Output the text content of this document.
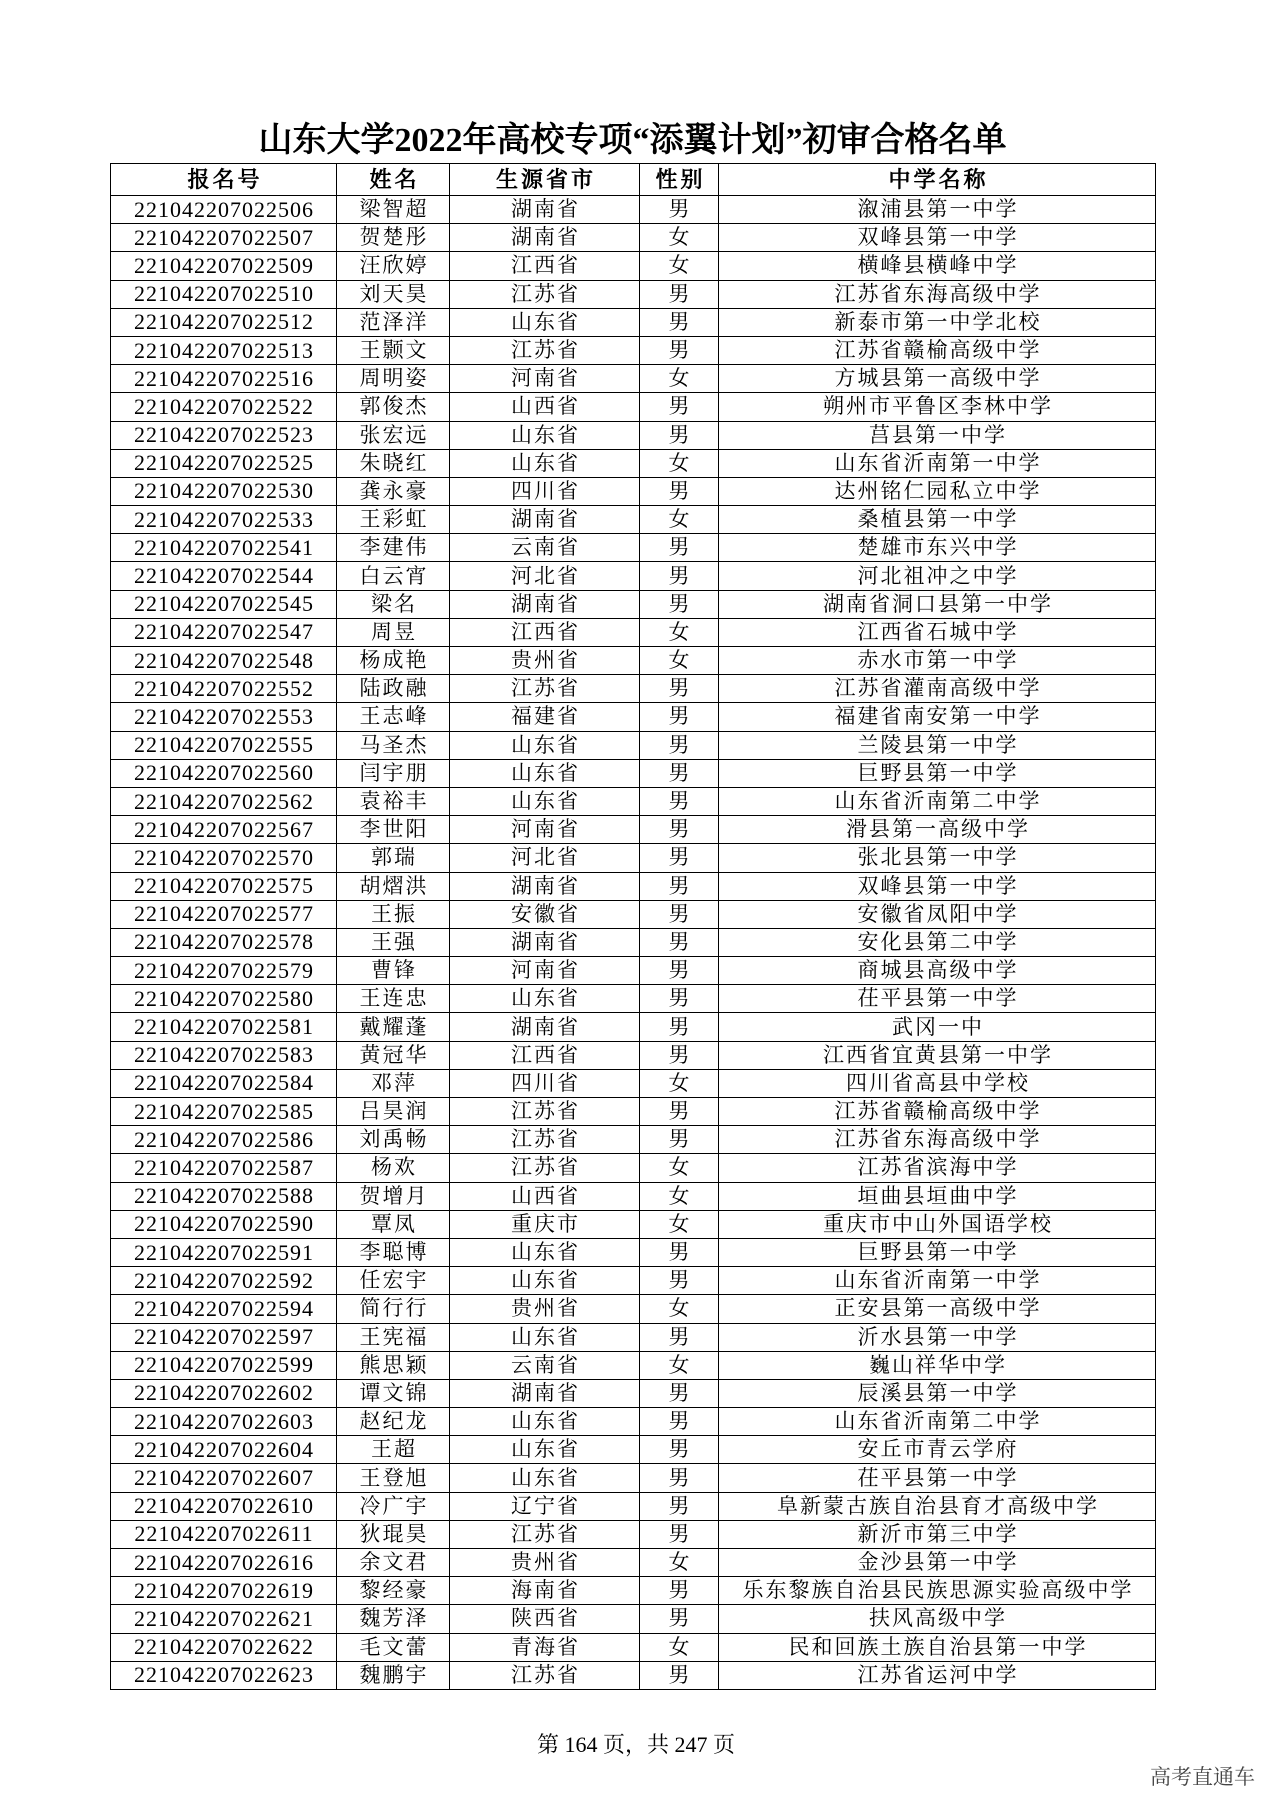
山东大学2022年高校专项“添翼计划”初审合格名单
报名号	姓名	生源省市	性别	中学名称
221042207022506	梁智超	湖南省	男	溆浦县第一中学
221042207022507	贺楚彤	湖南省	女	双峰县第一中学
221042207022509	汪欣婷	江西省	女	横峰县横峰中学
221042207022510	刘天昊	江苏省	男	江苏省东海高级中学
221042207022512	范泽洋	山东省	男	新泰市第一中学北校
221042207022513	王颢文	江苏省	男	江苏省赣榆高级中学
221042207022516	周明姿	河南省	女	方城县第一高级中学
221042207022522	郭俊杰	山西省	男	朔州市平鲁区李林中学
221042207022523	张宏远	山东省	男	莒县第一中学
221042207022525	朱晓红	山东省	女	山东省沂南第一中学
221042207022530	龚永豪	四川省	男	达州铭仁园私立中学
221042207022533	王彩虹	湖南省	女	桑植县第一中学
221042207022541	李建伟	云南省	男	楚雄市东兴中学
221042207022544	白云宵	河北省	男	河北祖冲之中学
221042207022545	梁名	湖南省	男	湖南省洞口县第一中学
221042207022547	周昱	江西省	女	江西省石城中学
221042207022548	杨成艳	贵州省	女	赤水市第一中学
221042207022552	陆政融	江苏省	男	江苏省灌南高级中学
221042207022553	王志峰	福建省	男	福建省南安第一中学
221042207022555	马圣杰	山东省	男	兰陵县第一中学
221042207022560	闫宇朋	山东省	男	巨野县第一中学
221042207022562	袁裕丰	山东省	男	山东省沂南第二中学
221042207022567	李世阳	河南省	男	滑县第一高级中学
221042207022570	郭瑞	河北省	男	张北县第一中学
221042207022575	胡熠洪	湖南省	男	双峰县第一中学
221042207022577	王振	安徽省	男	安徽省凤阳中学
221042207022578	王强	湖南省	男	安化县第二中学
221042207022579	曹锋	河南省	男	商城县高级中学
221042207022580	王连忠	山东省	男	茌平县第一中学
221042207022581	戴耀蓬	湖南省	男	武冈一中
221042207022583	黄冠华	江西省	男	江西省宜黄县第一中学
221042207022584	邓萍	四川省	女	四川省高县中学校
221042207022585	吕昊润	江苏省	男	江苏省赣榆高级中学
221042207022586	刘禹畅	江苏省	男	江苏省东海高级中学
221042207022587	杨欢	江苏省	女	江苏省滨海中学
221042207022588	贺增月	山西省	女	垣曲县垣曲中学
221042207022590	覃凤	重庆市	女	重庆市中山外国语学校
221042207022591	李聪博	山东省	男	巨野县第一中学
221042207022592	任宏宇	山东省	男	山东省沂南第一中学
221042207022594	简行行	贵州省	女	正安县第一高级中学
221042207022597	王宪福	山东省	男	沂水县第一中学
221042207022599	熊思颖	云南省	女	巍山祥华中学
221042207022602	谭文锦	湖南省	男	辰溪县第一中学
221042207022603	赵纪龙	山东省	男	山东省沂南第二中学
221042207022604	王超	山东省	男	安丘市青云学府
221042207022607	王登旭	山东省	男	茌平县第一中学
221042207022610	冷广宇	辽宁省	男	阜新蒙古族自治县育才高级中学
221042207022611	狄琨昊	江苏省	男	新沂市第三中学
221042207022616	余文君	贵州省	女	金沙县第一中学
221042207022619	黎经豪	海南省	男	乐东黎族自治县民族思源实验高级中学
221042207022621	魏芳泽	陕西省	男	扶风高级中学
221042207022622	毛文蕾	青海省	女	民和回族土族自治县第一中学
221042207022623	魏鹏宇	江苏省	男	江苏省运河中学
第 164 页，共 247 页
高考直通车
